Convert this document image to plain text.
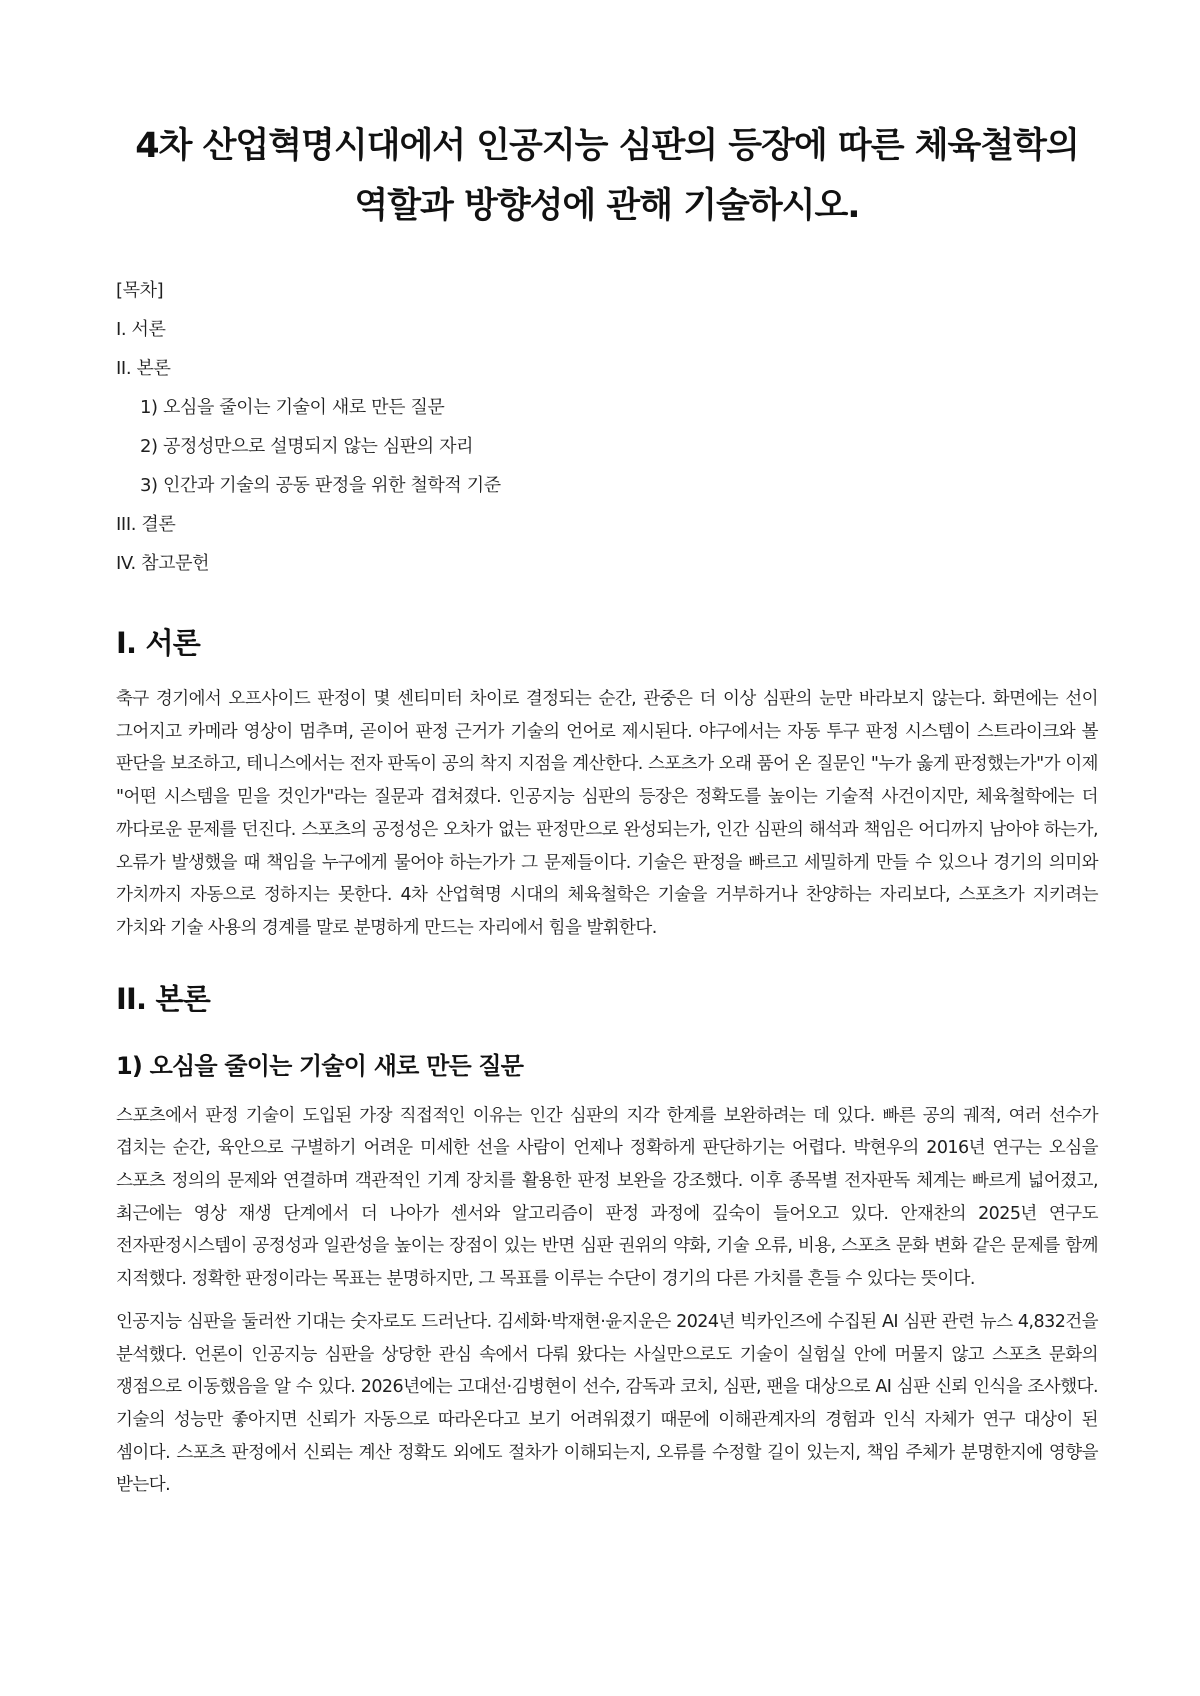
4차 산업혁명시대에서 인공지능 심판의 등장에 따른 체육철학의 역할과 방향성에 관해 기술하시오.
[목차]
I. 서론
II. 본론
1) 오심을 줄이는 기술이 새로 만든 질문
2) 공정성만으로 설명되지 않는 심판의 자리
3) 인간과 기술의 공동 판정을 위한 철학적 기준
III. 결론
IV. 참고문헌
I. 서론

축구 경기에서 오프사이드 판정이 몇 센티미터 차이로 결정되는 순간, 관중은 더 이상 심판의 눈만 바라보지 않는다. 화면에는 선이 그어지고 카메라 영상이 멈추며, 곧이어 판정 근거가 기술의 언어로 제시된다. 야구에서는 자동 투구 판정 시스템이 스트라이크와 볼 판단을 보조하고, 테니스에서는 전자 판독이 공의 착지 지점을 계산한다. 스포츠가 오래 품어 온 질문인 "누가 옳게 판정했는가"가 이제 "어떤 시스템을 믿을 것인가"라는 질문과 겹쳐졌다. 인공지능 심판의 등장은 정확도를 높이는 기술적 사건이지만, 체육철학에는 더 까다로운 문제를 던진다. 스포츠의 공정성은 오차가 없는 판정만으로 완성되는가, 인간 심판의 해석과 책임은 어디까지 남아야 하는가, 오류가 발생했을 때 책임을 누구에게 물어야 하는가가 그 문제들이다. 기술은 판정을 빠르고 세밀하게 만들 수 있으나 경기의 의미와 가치까지 자동으로 정하지는 못한다. 4차 산업혁명 시대의 체육철학은 기술을 거부하거나 찬양하는 자리보다, 스포츠가 지키려는 가치와 기술 사용의 경계를 말로 분명하게 만드는 자리에서 힘을 발휘한다.

II. 본론
1) 오심을 줄이는 기술이 새로 만든 질문

스포츠에서 판정 기술이 도입된 가장 직접적인 이유는 인간 심판의 지각 한계를 보완하려는 데 있다. 빠른 공의 궤적, 여러 선수가 겹치는 순간, 육안으로 구별하기 어려운 미세한 선을 사람이 언제나 정확하게 판단하기는 어렵다. 박현우의 2016년 연구는 오심을 스포츠 정의의 문제와 연결하며 객관적인 기계 장치를 활용한 판정 보완을 강조했다. 이후 종목별 전자판독 체계는 빠르게 넓어졌고, 최근에는 영상 재생 단계에서 더 나아가 센서와 알고리즘이 판정 과정에 깊숙이 들어오고 있다. 안재찬의 2025년 연구도 전자판정시스템이 공정성과 일관성을 높이는 장점이 있는 반면 심판 권위의 약화, 기술 오류, 비용, 스포츠 문화 변화 같은 문제를 함께 지적했다. 정확한 판정이라는 목표는 분명하지만, 그 목표를 이루는 수단이 경기의 다른 가치를 흔들 수 있다는 뜻이다.

인공지능 심판을 둘러싼 기대는 숫자로도 드러난다. 김세화·박재현·윤지운은 2024년 빅카인즈에 수집된 AI 심판 관련 뉴스 4,832건을 분석했다. 언론이 인공지능 심판을 상당한 관심 속에서 다뤄 왔다는 사실만으로도 기술이 실험실 안에 머물지 않고 스포츠 문화의 쟁점으로 이동했음을 알 수 있다. 2026년에는 고대선·김병현이 선수, 감독과 코치, 심판, 팬을 대상으로 AI 심판 신뢰 인식을 조사했다. 기술의 성능만 좋아지면 신뢰가 자동으로 따라온다고 보기 어려워졌기 때문에 이해관계자의 경험과 인식 자체가 연구 대상이 된 셈이다. 스포츠 판정에서 신뢰는 계산 정확도 외에도 절차가 이해되는지, 오류를 수정할 길이 있는지, 책임 주체가 분명한지에 영향을 받는다.
